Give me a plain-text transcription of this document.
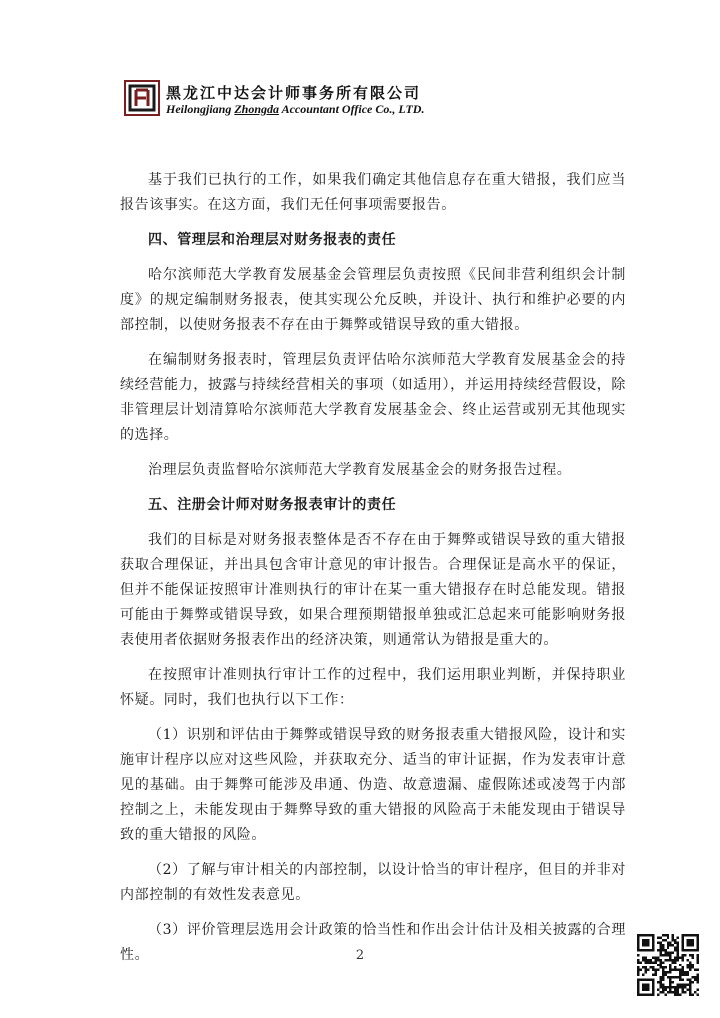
黑龙江中达会计师事务所有限公司
Heilongjiang Zhongda Accountant Office Co., LTD.

基于我们已执行的工作，如果我们确定其他信息存在重大错报，我们应当报告该事实。在这方面，我们无任何事项需要报告。

四、管理层和治理层对财务报表的责任

哈尔滨师范大学教育发展基金会管理层负责按照《民间非营利组织会计制度》的规定编制财务报表，使其实现公允反映，并设计、执行和维护必要的内部控制，以使财务报表不存在由于舞弊或错误导致的重大错报。

在编制财务报表时，管理层负责评估哈尔滨师范大学教育发展基金会的持续经营能力，披露与持续经营相关的事项（如适用），并运用持续经营假设，除非管理层计划清算哈尔滨师范大学教育发展基金会、终止运营或别无其他现实的选择。

治理层负责监督哈尔滨师范大学教育发展基金会的财务报告过程。

五、注册会计师对财务报表审计的责任

我们的目标是对财务报表整体是否不存在由于舞弊或错误导致的重大错报获取合理保证，并出具包含审计意见的审计报告。合理保证是高水平的保证，但并不能保证按照审计准则执行的审计在某一重大错报存在时总能发现。错报可能由于舞弊或错误导致，如果合理预期错报单独或汇总起来可能影响财务报表使用者依据财务报表作出的经济决策，则通常认为错报是重大的。

在按照审计准则执行审计工作的过程中，我们运用职业判断，并保持职业怀疑。同时，我们也执行以下工作：

（1）识别和评估由于舞弊或错误导致的财务报表重大错报风险，设计和实施审计程序以应对这些风险，并获取充分、适当的审计证据，作为发表审计意见的基础。由于舞弊可能涉及串通、伪造、故意遗漏、虚假陈述或凌驾于内部控制之上，未能发现由于舞弊导致的重大错报的风险高于未能发现由于错误导致的重大错报的风险。

（2）了解与审计相关的内部控制，以设计恰当的审计程序，但目的并非对内部控制的有效性发表意见。

（3）评价管理层选用会计政策的恰当性和作出会计估计及相关披露的合理性。	2
